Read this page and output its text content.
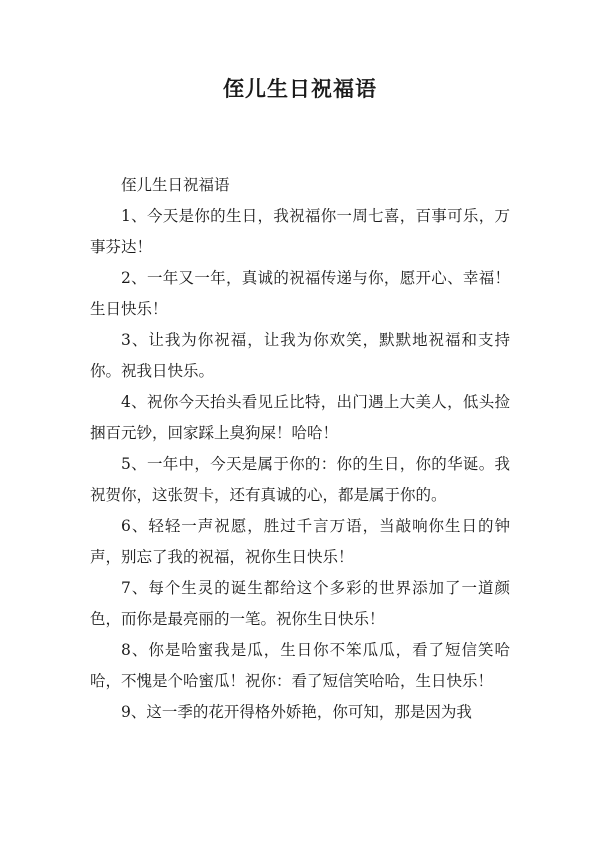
侄儿生日祝福语

侄儿生日祝福语

1、今天是你的生日，我祝福你一周七喜，百事可乐，万事芬达！

2、一年又一年，真诚的祝福传递与你，愿开心、幸福！生日快乐！

3、让我为你祝福，让我为你欢笑，默默地祝福和支持你。祝我日快乐。

4、祝你今天抬头看见丘比特，出门遇上大美人，低头捡捆百元钞，回家踩上臭狗屎！哈哈！

5、一年中，今天是属于你的：你的生日，你的华诞。我祝贺你，这张贺卡，还有真诚的心，都是属于你的。

6、轻轻一声祝愿，胜过千言万语，当敲响你生日的钟声，别忘了我的祝福，祝你生日快乐！

7、每个生灵的诞生都给这个多彩的世界添加了一道颜色，而你是最亮丽的一笔。祝你生日快乐！

8、你是哈蜜我是瓜，生日你不笨瓜瓜，看了短信笑哈哈，不愧是个哈蜜瓜！祝你：看了短信笑哈哈，生日快乐！

9、这一季的花开得格外娇艳，你可知，那是因为我
